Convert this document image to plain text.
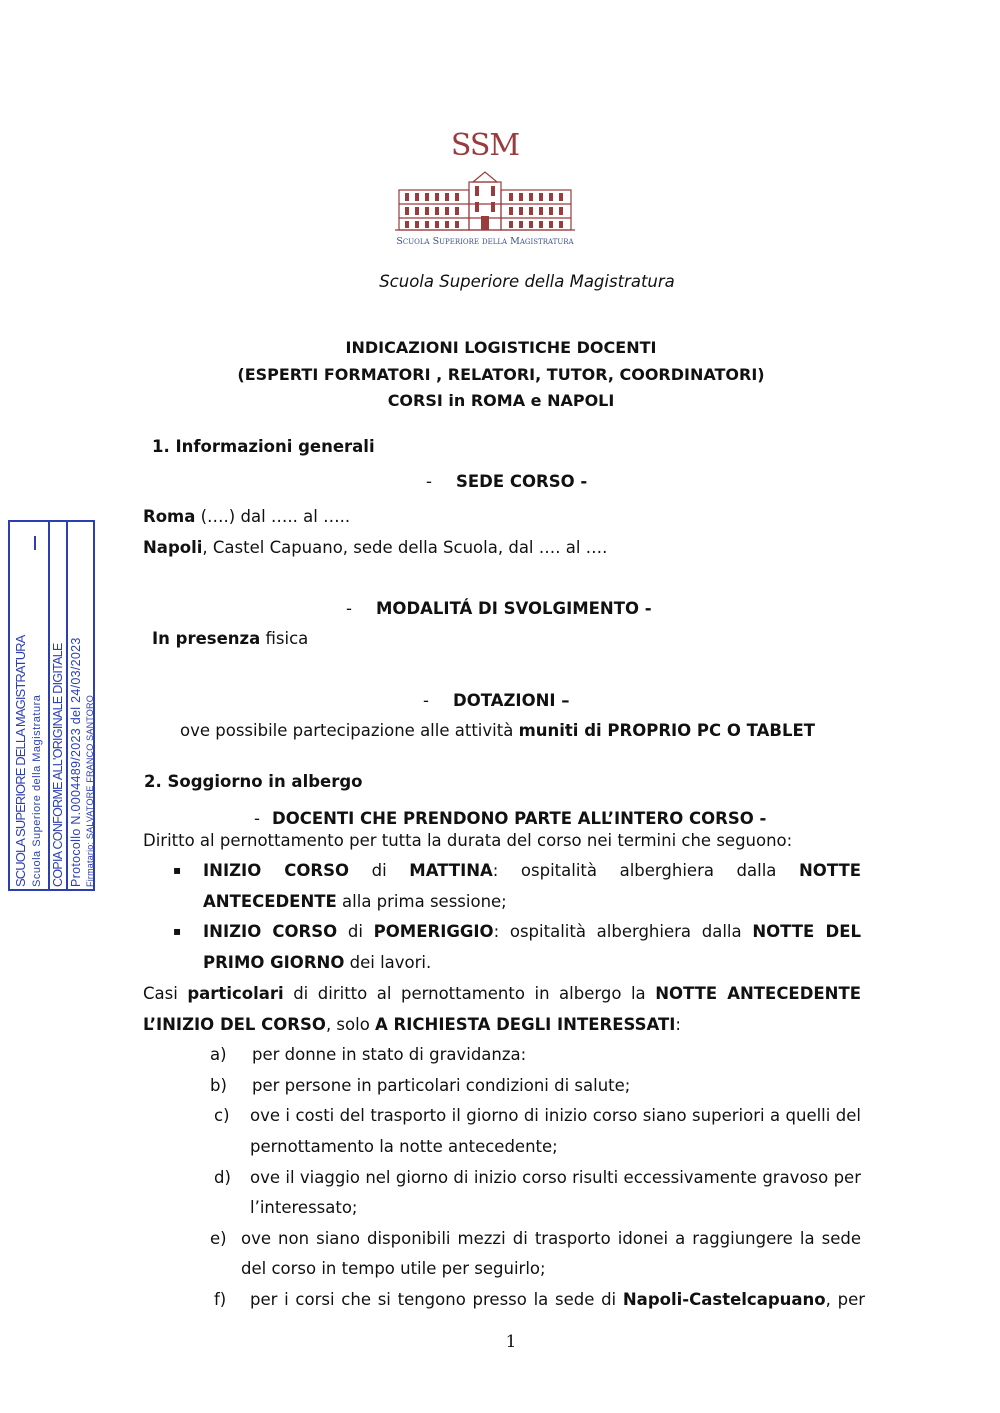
SSM
Scuola Superiore della Magistratura
Scuola Superiore della Magistratura
INDICAZIONI LOGISTICHE DOCENTI
(ESPERTI FORMATORI , RELATORI, TUTOR, COORDINATORI)
CORSI in ROMA e NAPOLI
SCUOLA SUPERIORE DELLA MAGISTRATURA Scuola Superiore della Magistratura COPIA CONFORME ALL'ORIGINALE DIGITALE Protocollo N.0004489/2023 del 24/03/2023 Firmatario: SALVATORE FRANCO SANTORO
1. Informazioni generali
- SEDE CORSO -
Roma (….) dal ….. al …..
Napoli, Castel Capuano, sede della Scuola, dal …. al ….
- MODALITÁ DI SVOLGIMENTO -
In presenza fisica
- DOTAZIONI –
ove possibile partecipazione alle attività muniti di PROPRIO PC O TABLET
2. Soggiorno in albergo
- DOCENTI CHE PRENDONO PARTE ALL’INTERO CORSO -
Diritto al pernottamento per tutta la durata del corso nei termini che seguono:
▪ INIZIO CORSO di MATTINA: ospitalità alberghiera dalla NOTTE
ANTECEDENTE alla prima sessione;
▪ INIZIO CORSO di POMERIGGIO: ospitalità alberghiera dalla NOTTE DEL
PRIMO GIORNO dei lavori.
Casi particolari di diritto al pernottamento in albergo la NOTTE ANTECEDENTE
L’INIZIO DEL CORSO, solo A RICHIESTA DEGLI INTERESSATI:
a) per donne in stato di gravidanza:
b) per persone in particolari condizioni di salute;
c) ove i costi del trasporto il giorno di inizio corso siano superiori a quelli del
pernottamento la notte antecedente;
d) ove il viaggio nel giorno di inizio corso risulti eccessivamente gravoso per
l’interessato;
e) ove non siano disponibili mezzi di trasporto idonei a raggiungere la sede
del corso in tempo utile per seguirlo;
f) per i corsi che si tengono presso la sede di Napoli-Castelcapuano, per
1
